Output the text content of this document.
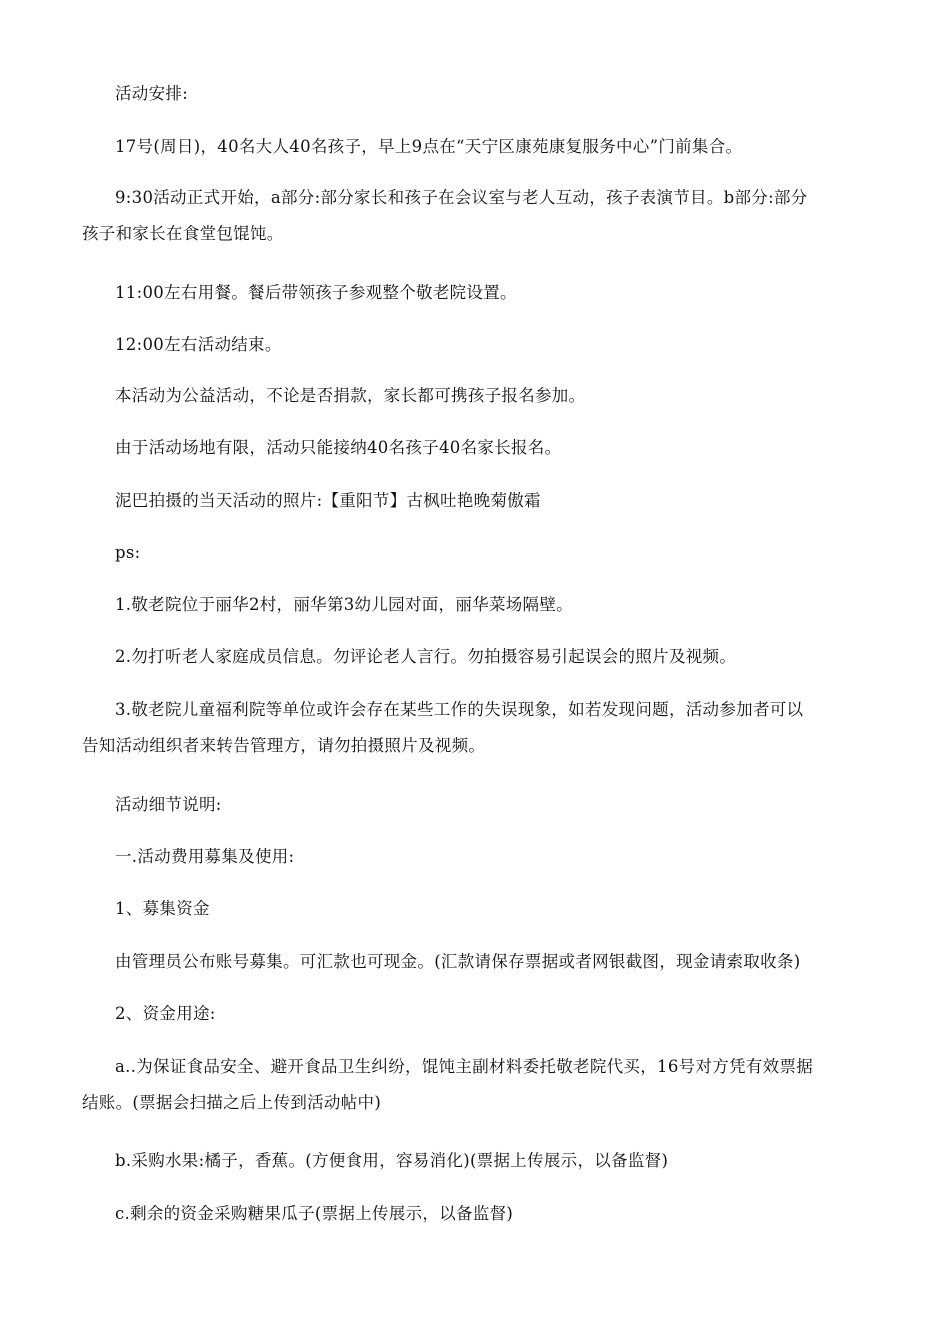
活动安排:

17号(周日)，40名大人40名孩子，早上9点在“天宁区康苑康复服务中心”门前集合。

9:30活动正式开始，a部分:部分家长和孩子在会议室与老人互动，孩子表演节目。b部分:部分
孩子和家长在食堂包馄饨。

11:00左右用餐。餐后带领孩子参观整个敬老院设置。

12:00左右活动结束。

本活动为公益活动，不论是否捐款，家长都可携孩子报名参加。

由于活动场地有限，活动只能接纳40名孩子40名家长报名。

泥巴拍摄的当天活动的照片:【重阳节】古枫吐艳晚菊傲霜

ps:

1.敬老院位于丽华2村，丽华第3幼儿园对面，丽华菜场隔壁。

2.勿打听老人家庭成员信息。勿评论老人言行。勿拍摄容易引起误会的照片及视频。

3.敬老院儿童福利院等单位或许会存在某些工作的失误现象，如若发现问题，活动参加者可以
告知活动组织者来转告管理方，请勿拍摄照片及视频。

活动细节说明:

一.活动费用募集及使用:

1、募集资金

由管理员公布账号募集。可汇款也可现金。(汇款请保存票据或者网银截图，现金请索取收条)

2、资金用途:

a..为保证食品安全、避开食品卫生纠纷，馄饨主副材料委托敬老院代买，16号对方凭有效票据
结账。(票据会扫描之后上传到活动帖中)

b.采购水果:橘子，香蕉。(方便食用，容易消化)(票据上传展示，以备监督)

c.剩余的资金采购糖果瓜子(票据上传展示，以备监督)
